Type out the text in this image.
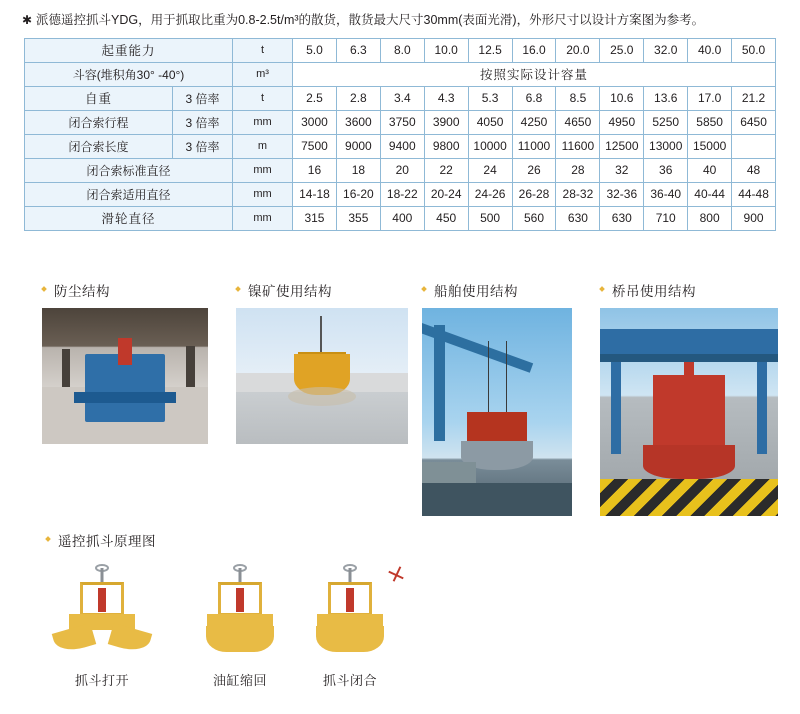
✱ 派德遥控抓斗YDG，用于抓取比重为0.8-2.5t/m³的散货，散货最大尺寸30mm(表面光滑)，外形尺寸以设计方案图为参考。
起重能力		t	5.0	6.3	8.0	10.0	12.5	16.0	20.0	25.0	32.0	40.0	50.0
斗容(堆积角30° -40°)		m³	按照实际设计容量										
自重	3 倍率	t	2.5	2.8	3.4	4.3	5.3	6.8	8.5	10.6	13.6	17.0	21.2
闭合索行程	3 倍率	mm	3000	3600	3750	3900	4050	4250	4650	4950	5250	5850	6450
闭合索长度	3 倍率	m	7500	9000	9400	9800	10000	11000	11600	12500	13000	15000	
闭合索标准直径		mm	16	18	20	22	24	26	28	32	36	40	48
闭合索适用直径		mm	14-18	16-20	18-22	20-24	24-26	26-28	28-32	32-36	36-40	40-44	44-48
滑轮直径		mm	315	355	400	450	500	560	630	630	710	800	900
防尘结构	镍矿使用结构	船舶使用结构	桥吊使用结构
遥控抓斗原理图
抓斗打开	油缸缩回	抓斗闭合
